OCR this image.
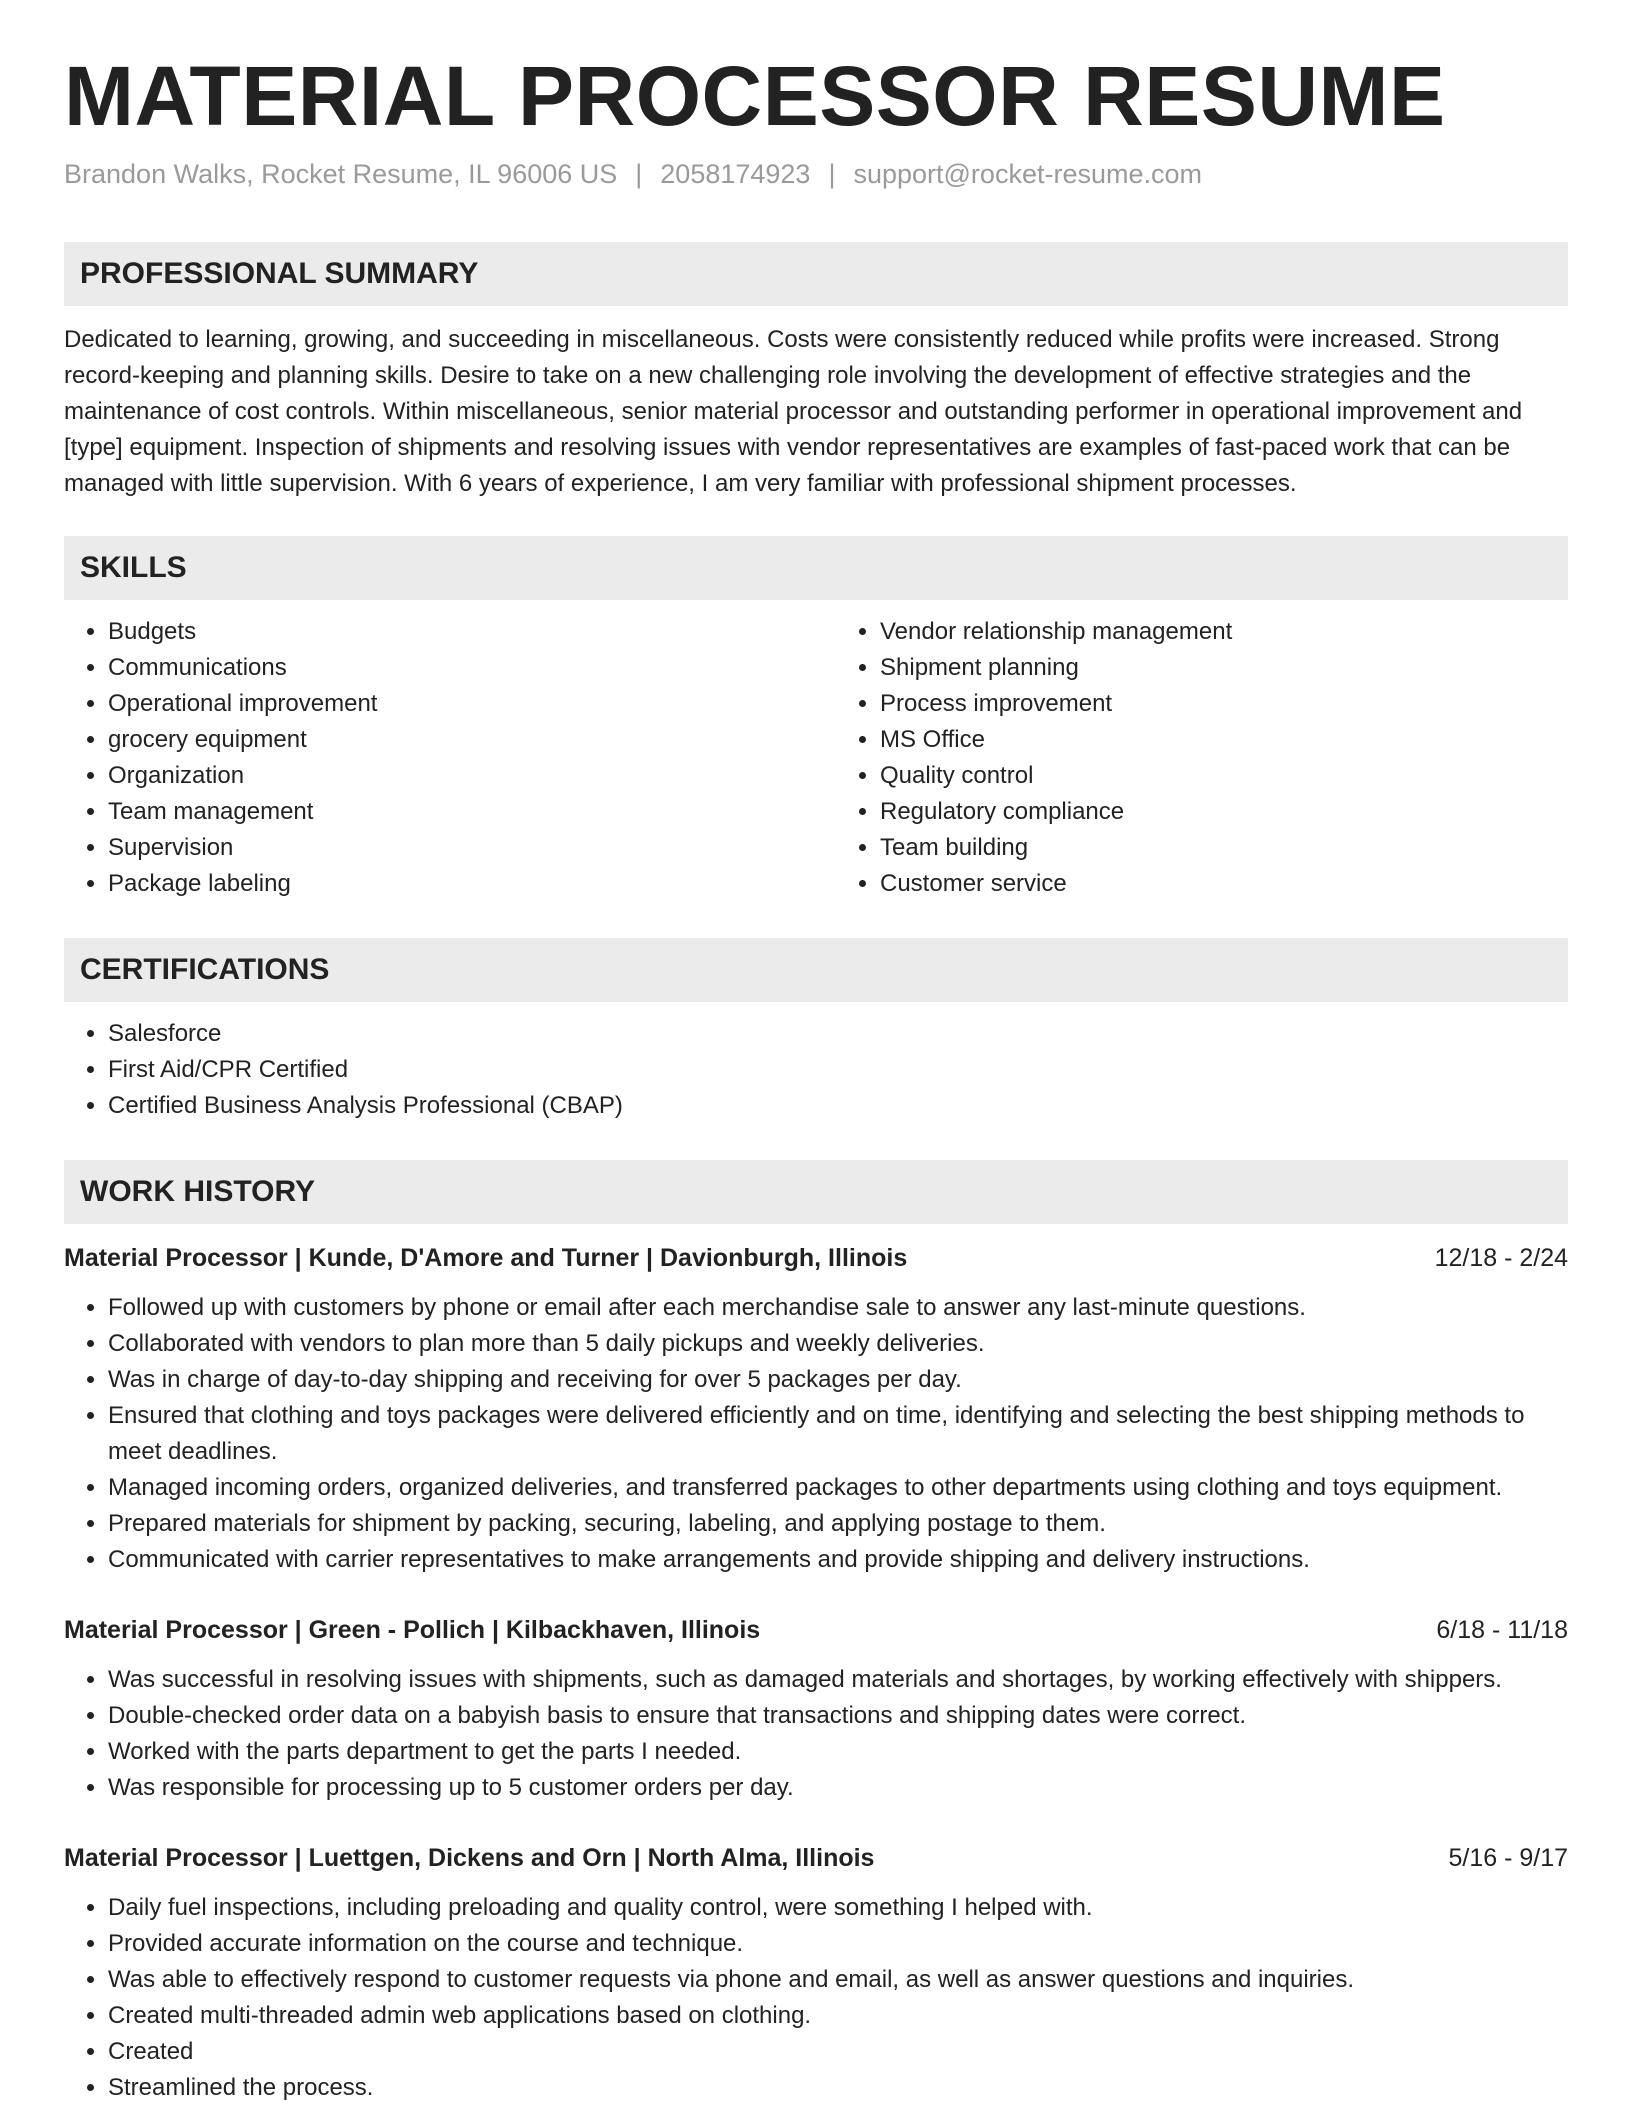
MATERIAL PROCESSOR RESUME
Brandon Walks, Rocket Resume, IL 96006 US | 2058174923 | support@rocket-resume.com
PROFESSIONAL SUMMARY
Dedicated to learning, growing, and succeeding in miscellaneous. Costs were consistently reduced while profits were increased. Strong record-keeping and planning skills. Desire to take on a new challenging role involving the development of effective strategies and the maintenance of cost controls. Within miscellaneous, senior material processor and outstanding performer in operational improvement and [type] equipment. Inspection of shipments and resolving issues with vendor representatives are examples of fast-paced work that can be managed with little supervision. With 6 years of experience, I am very familiar with professional shipment processes.
SKILLS
• Budgets
• Communications
• Operational improvement
• grocery equipment
• Organization
• Team management
• Supervision
• Package labeling
• Vendor relationship management
• Shipment planning
• Process improvement
• MS Office
• Quality control
• Regulatory compliance
• Team building
• Customer service
CERTIFICATIONS
• Salesforce
• First Aid/CPR Certified
• Certified Business Analysis Professional (CBAP)
WORK HISTORY
Material Processor | Kunde, D'Amore and Turner | Davionburgh, Illinois	12/18 - 2/24
• Followed up with customers by phone or email after each merchandise sale to answer any last-minute questions.
• Collaborated with vendors to plan more than 5 daily pickups and weekly deliveries.
• Was in charge of day-to-day shipping and receiving for over 5 packages per day.
• Ensured that clothing and toys packages were delivered efficiently and on time, identifying and selecting the best shipping methods to meet deadlines.
• Managed incoming orders, organized deliveries, and transferred packages to other departments using clothing and toys equipment.
• Prepared materials for shipment by packing, securing, labeling, and applying postage to them.
• Communicated with carrier representatives to make arrangements and provide shipping and delivery instructions.
Material Processor | Green - Pollich | Kilbackhaven, Illinois	6/18 - 11/18
• Was successful in resolving issues with shipments, such as damaged materials and shortages, by working effectively with shippers.
• Double-checked order data on a babyish basis to ensure that transactions and shipping dates were correct.
• Worked with the parts department to get the parts I needed.
• Was responsible for processing up to 5 customer orders per day.
Material Processor | Luettgen, Dickens and Orn | North Alma, Illinois	5/16 - 9/17
• Daily fuel inspections, including preloading and quality control, were something I helped with.
• Provided accurate information on the course and technique.
• Was able to effectively respond to customer requests via phone and email, as well as answer questions and inquiries.
• Created multi-threaded admin web applications based on clothing.
• Created
• Streamlined the process.
